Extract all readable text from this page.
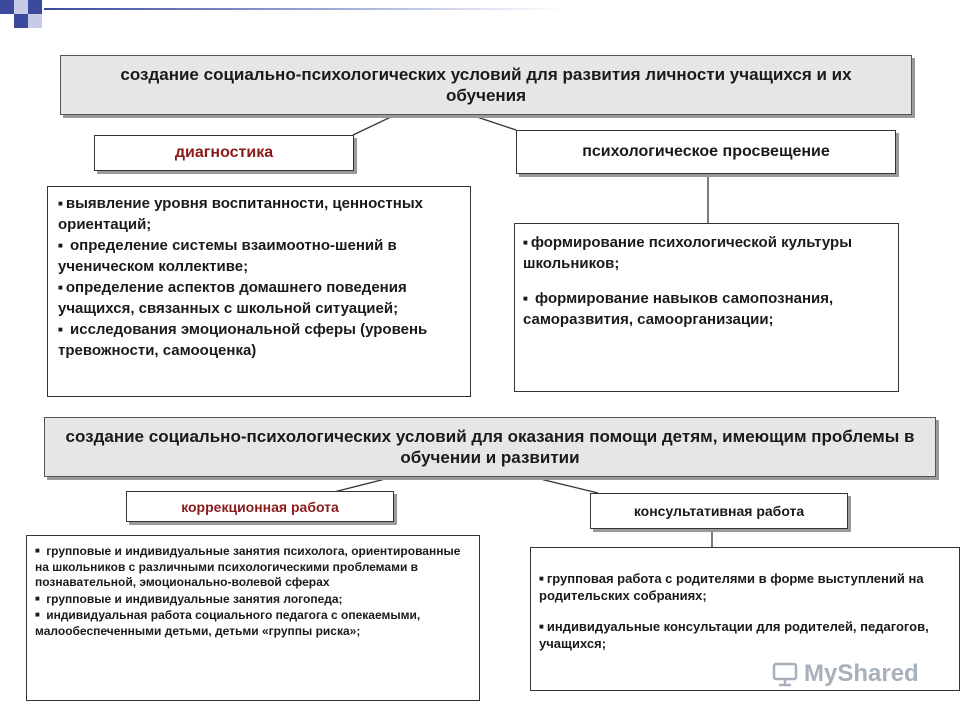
создание социально-психологических условий для развития личности учащихся и их обучения
диагностика	психологическое просвещение
■ выявление уровня воспитанности, ценностных ориентаций;
■ определение системы взаимоотно-шений в ученическом коллективе;
■ определение аспектов домашнего поведения учащихся, связанных с школьной ситуацией;
■ исследования эмоциональной сферы (уровень тревожности, самооценка)
■ формирование психологической культуры школьников;
■ формирование навыков самопознания, саморазвития, самоорганизации;
создание социально-психологических условий для оказания помощи детям, имеющим проблемы в обучении и развитии
коррекционная работа	консультативная работа
■ групповые и индивидуальные занятия психолога, ориентированные на школьников с различными психологическими проблемами в познавательной, эмоционально-волевой сферах
■ групповые и индивидуальные занятия логопеда;
■ индивидуальная работа социального педагога с опекаемыми, малообеспеченными детьми, детьми «группы риска»;
■ групповая работа с родителями в форме выступлений на родительских собраниях;
■ индивидуальные консультации для родителей, педагогов, учащихся;
MyShared
